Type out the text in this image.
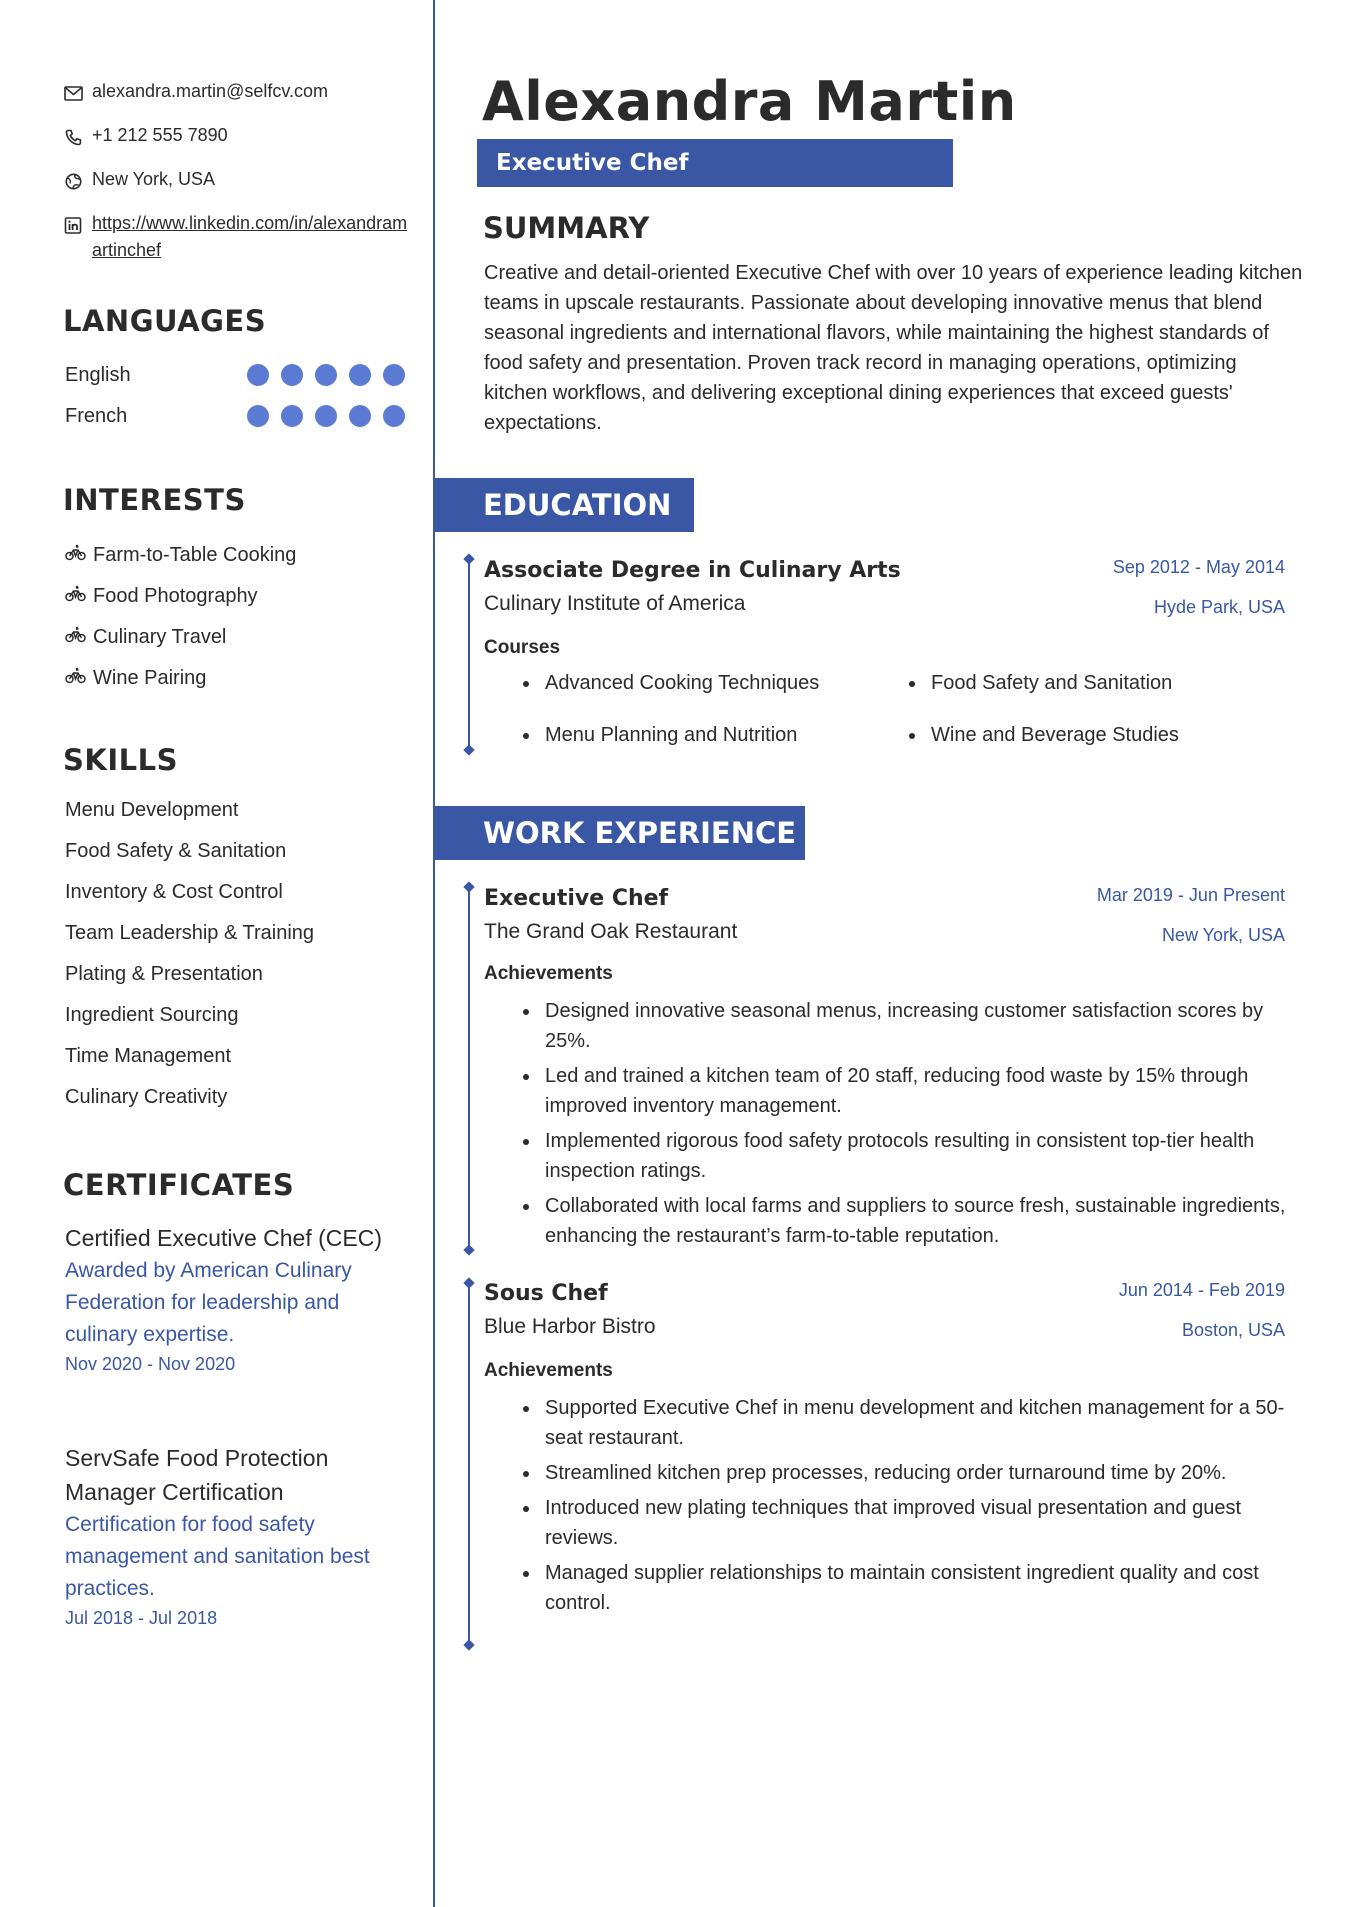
alexandra.martin@selfcv.com
+1 212 555 7890
New York, USA
https://www.linkedin.com/in/alexandramartinchef
LANGUAGES
English
French
INTERESTS
Farm-to-Table Cooking
Food Photography
Culinary Travel
Wine Pairing
SKILLS
Menu Development
Food Safety & Sanitation
Inventory & Cost Control
Team Leadership & Training
Plating & Presentation
Ingredient Sourcing
Time Management
Culinary Creativity
CERTIFICATES
Certified Executive Chef (CEC)
Awarded by American Culinary Federation for leadership and culinary expertise.
Nov 2020 - Nov 2020
ServSafe Food Protection Manager Certification
Certification for food safety management and sanitation best practices.
Jul 2018 - Jul 2018
Alexandra Martin
Executive Chef
SUMMARY
Creative and detail-oriented Executive Chef with over 10 years of experience leading kitchen teams in upscale restaurants. Passionate about developing innovative menus that blend seasonal ingredients and international flavors, while maintaining the highest standards of food safety and presentation. Proven track record in managing operations, optimizing kitchen workflows, and delivering exceptional dining experiences that exceed guests' expectations.
EDUCATION
Associate Degree in Culinary Arts
Culinary Institute of America
Sep 2012 - May 2014
Hyde Park, USA
Courses
• Advanced Cooking Techniques	• Food Safety and Sanitation
• Menu Planning and Nutrition	• Wine and Beverage Studies
WORK EXPERIENCE
Executive Chef
The Grand Oak Restaurant
Mar 2019 - Jun Present
New York, USA
Achievements
• Designed innovative seasonal menus, increasing customer satisfaction scores by 25%.
• Led and trained a kitchen team of 20 staff, reducing food waste by 15% through improved inventory management.
• Implemented rigorous food safety protocols resulting in consistent top-tier health inspection ratings.
• Collaborated with local farms and suppliers to source fresh, sustainable ingredients, enhancing the restaurant’s farm-to-table reputation.
Sous Chef
Blue Harbor Bistro
Jun 2014 - Feb 2019
Boston, USA
Achievements
• Supported Executive Chef in menu development and kitchen management for a 50-seat restaurant.
• Streamlined kitchen prep processes, reducing order turnaround time by 20%.
• Introduced new plating techniques that improved visual presentation and guest reviews.
• Managed supplier relationships to maintain consistent ingredient quality and cost control.
